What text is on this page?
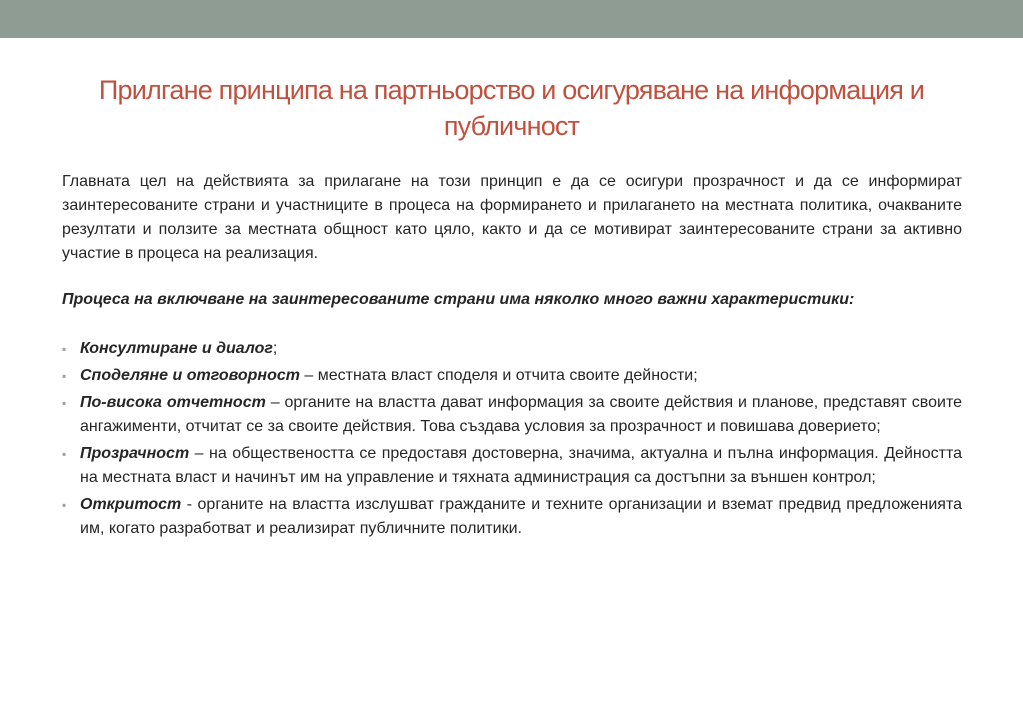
Прилгане принципа на партньорство и осигуряване на информация и публичност

Главната цел на действията за прилагане на този принцип е да се осигури прозрачност и да се информират заинтересованите страни и участниците в процеса на формирането и прилагането на местната политика, очакваните резултати и ползите за местната общност като цяло, както и да се мотивират заинтересованите страни за активно участие в процеса на реализация.

Процеса на включване на заинтересованите страни има няколко много важни характеристики:

▪ Консултиране и диалог;
▪ Споделяне и отговорност – местната власт споделя и отчита своите дейности;
▪ По-висока отчетност – органите на властта дават информация за своите действия и планове, представят своите ангажименти, отчитат се за своите действия. Това създава условия за прозрачност и повишава доверието;
▪ Прозрачност – на обществеността се предоставя достоверна, значима, актуална и пълна информация. Дейността на местната власт и начинът им на управление и тяхната администрация са достъпни за външен контрол;
▪ Откритост - органите на властта изслушват гражданите и техните организации и вземат предвид предложенията им, когато разработват и реализират публичните политики.
